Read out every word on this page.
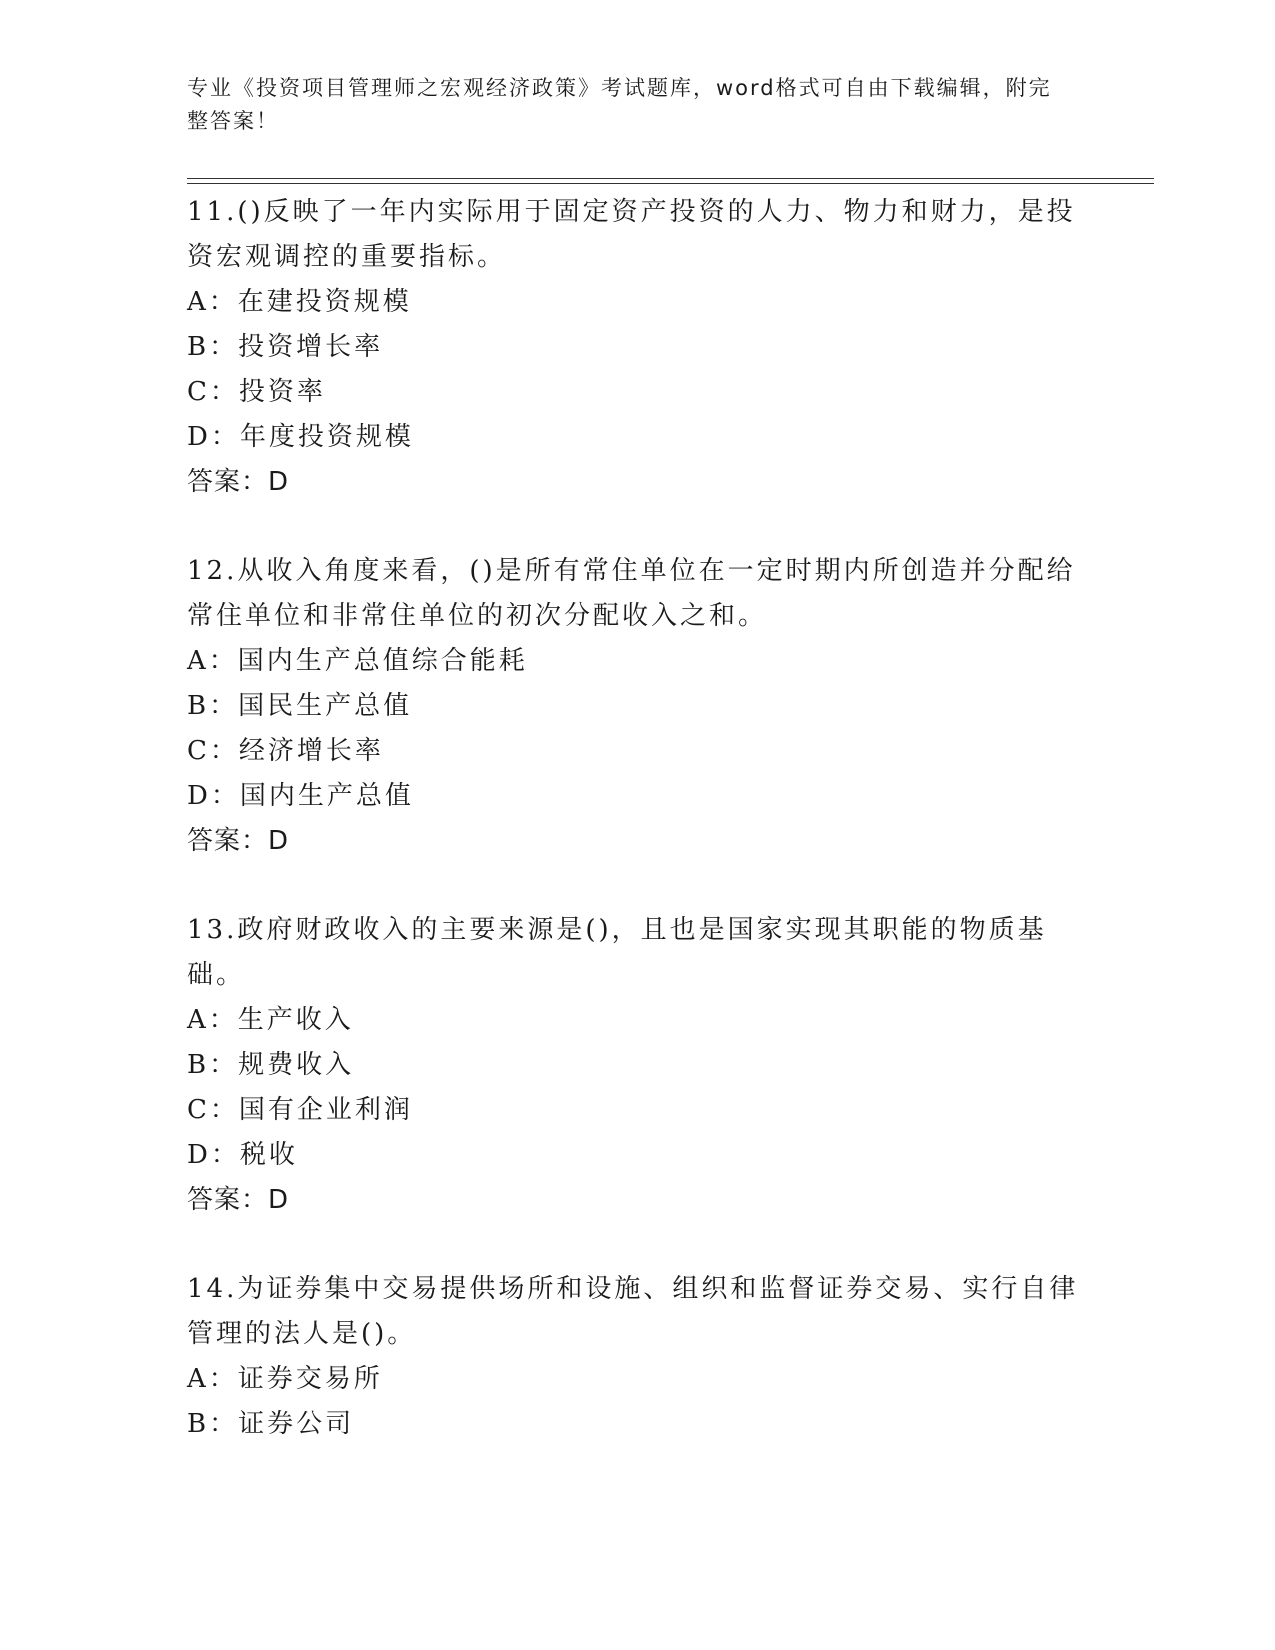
专业《投资项目管理师之宏观经济政策》考试题库，word格式可自由下载编辑，附完整答案！

11.()反映了一年内实际用于固定资产投资的人力、物力和财力，是投资宏观调控的重要指标。

A：在建投资规模
B：投资增长率
C：投资率
D：年度投资规模
答案：D

12.从收入角度来看，()是所有常住单位在一定时期内所创造并分配给常住单位和非常住单位的初次分配收入之和。

A：国内生产总值综合能耗
B：国民生产总值
C：经济增长率
D：国内生产总值
答案：D

13.政府财政收入的主要来源是()，且也是国家实现其职能的物质基础。

A：生产收入
B：规费收入
C：国有企业利润
D：税收
答案：D

14.为证券集中交易提供场所和设施、组织和监督证券交易、实行自律管理的法人是()。

A：证券交易所
B：证券公司
